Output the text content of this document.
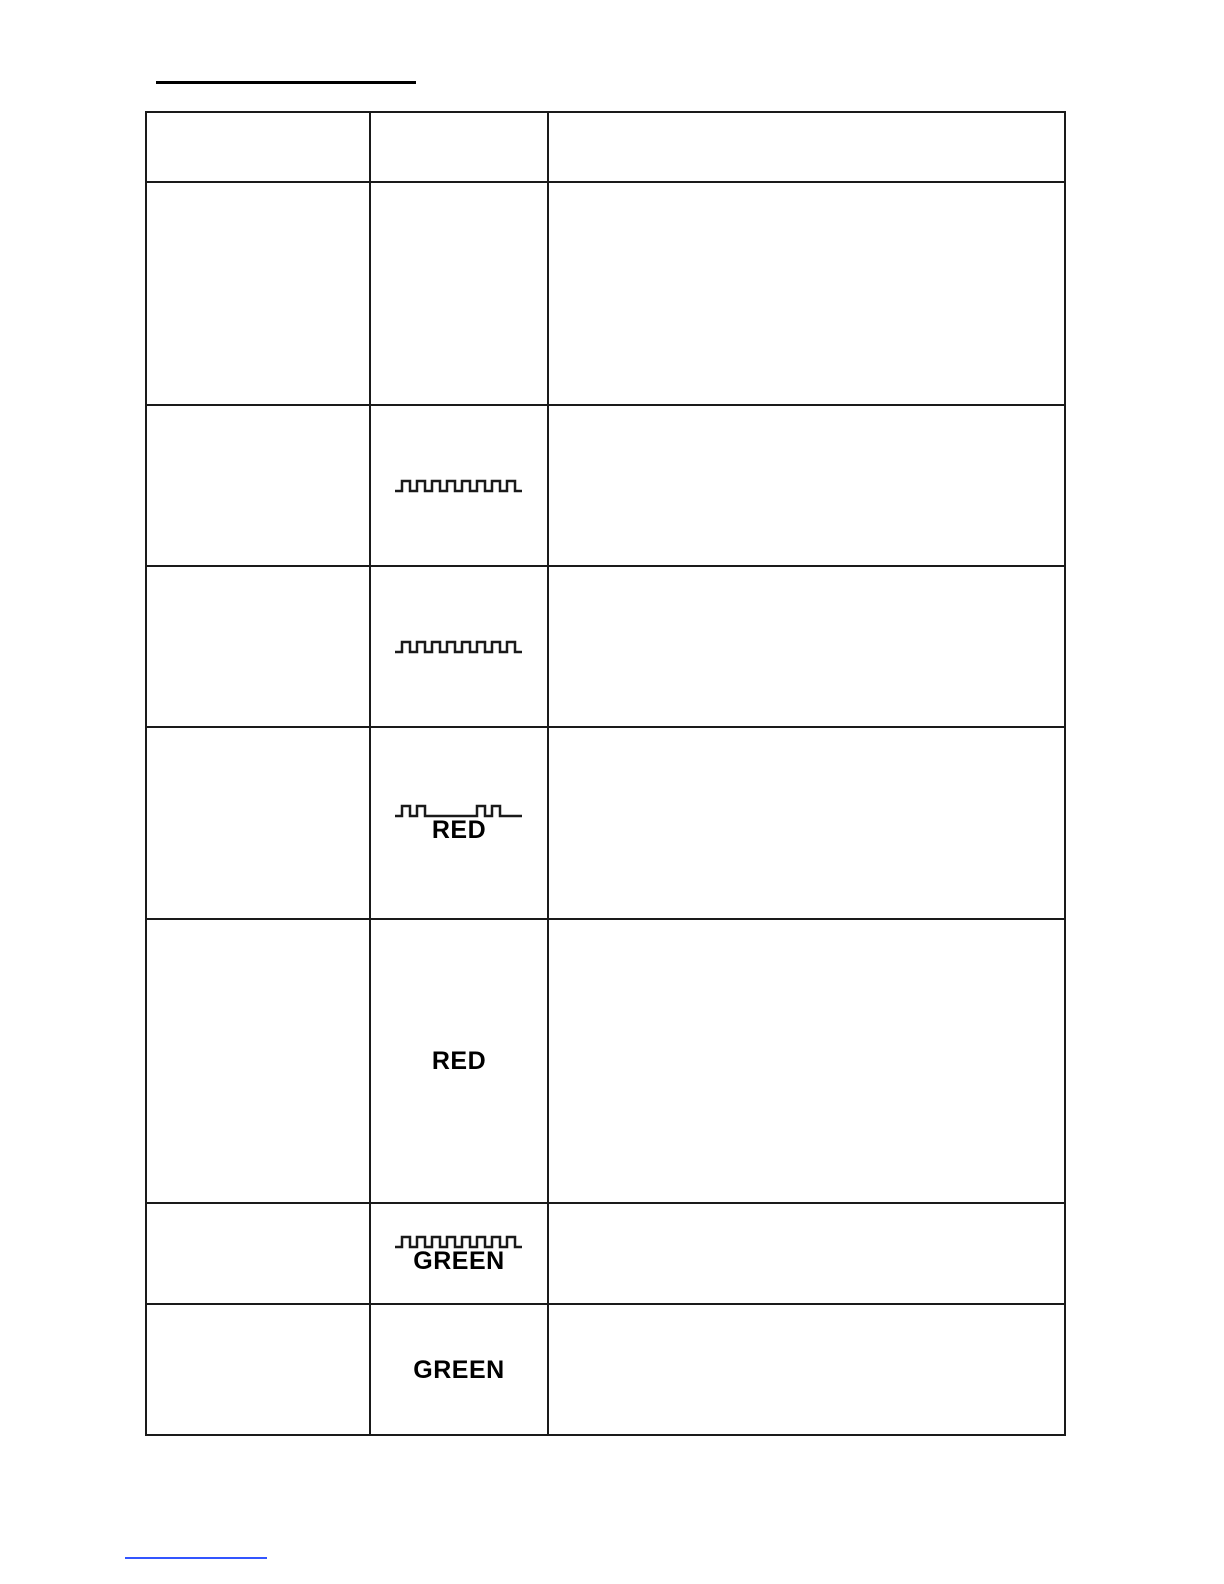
	RED	

	RED	

	GREEN	

	GREEN	
